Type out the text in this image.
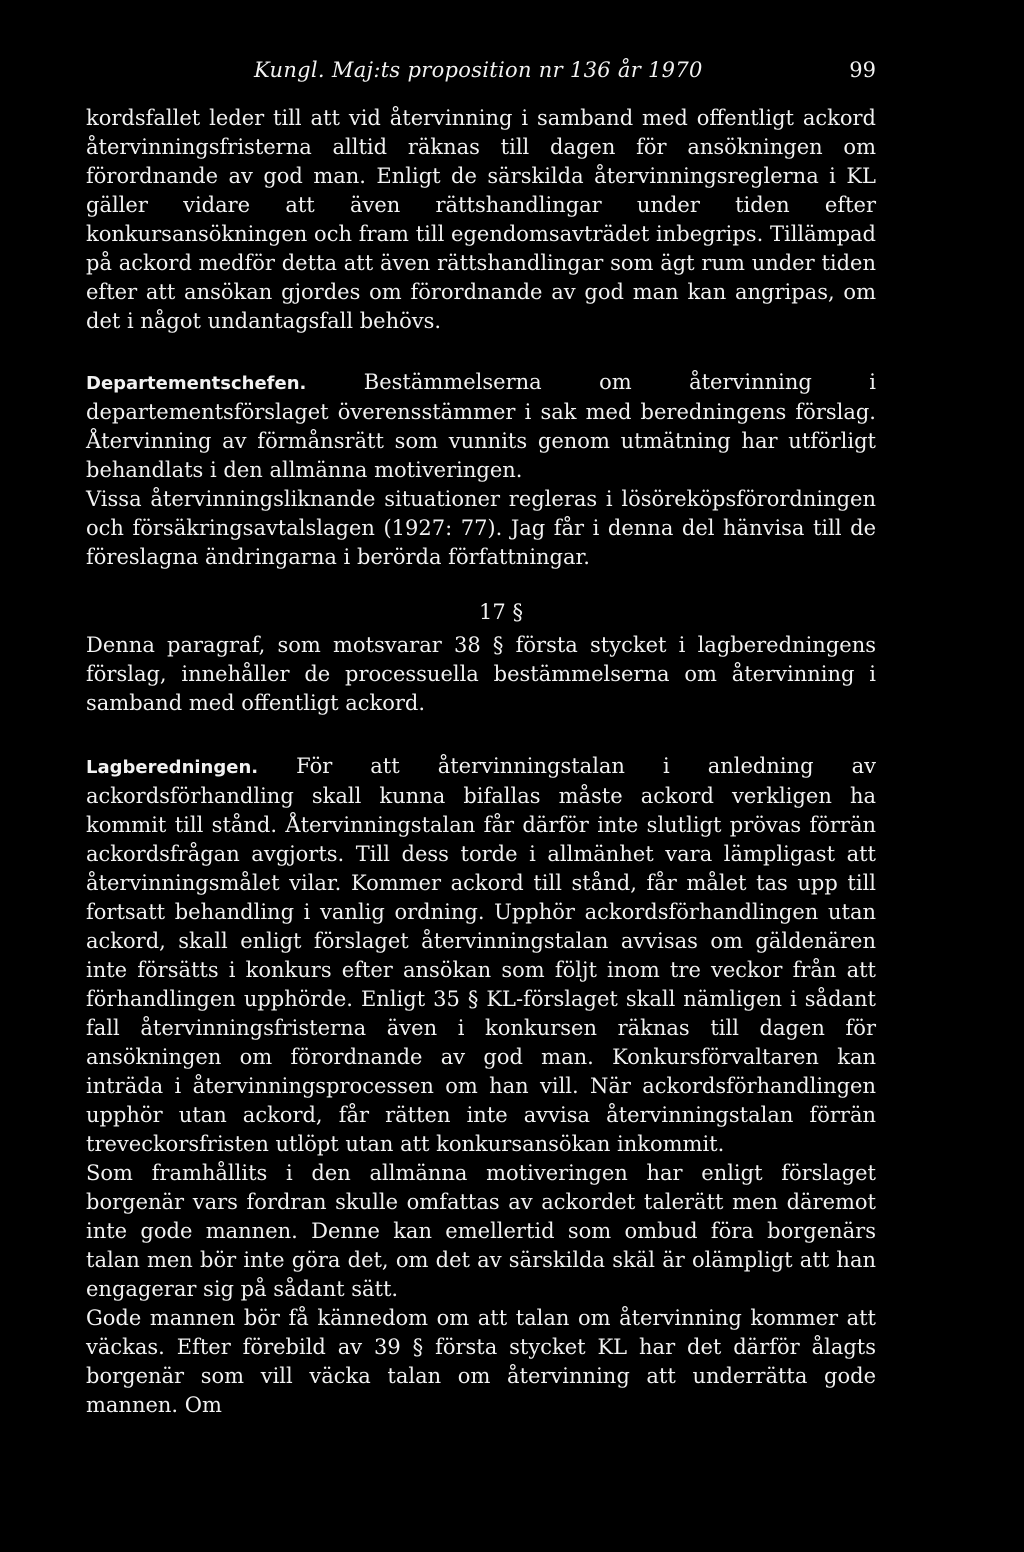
Kungl. Maj:ts proposition nr 136 år 1970	99

kordsfallet leder till att vid återvinning i samband med offentligt ackord återvinningsfristerna alltid räknas till dagen för ansökningen om förordnande av god man. Enligt de särskilda återvinningsreglerna i KL gäller vidare att även rättshandlingar under tiden efter konkursansökningen och fram till egendomsavträdet inbegrips. Tillämpad på ackord medför detta att även rättshandlingar som ägt rum under tiden efter att ansökan gjordes om förordnande av god man kan angripas, om det i något undantagsfall behövs.

Departementschefen. Bestämmelserna om återvinning i departementsförslaget överensstämmer i sak med beredningens förslag. Återvinning av förmånsrätt som vunnits genom utmätning har utförligt behandlats i den allmänna motiveringen.

Vissa återvinningsliknande situationer regleras i lösöreköpsförordningen och försäkringsavtalslagen (1927: 77). Jag får i denna del hänvisa till de föreslagna ändringarna i berörda författningar.

17 §

Denna paragraf, som motsvarar 38 § första stycket i lagberedningens förslag, innehåller de processuella bestämmelserna om återvinning i samband med offentligt ackord.

Lagberedningen. För att återvinningstalan i anledning av ackordsförhandling skall kunna bifallas måste ackord verkligen ha kommit till stånd. Återvinningstalan får därför inte slutligt prövas förrän ackordsfrågan avgjorts. Till dess torde i allmänhet vara lämpligast att återvinningsmålet vilar. Kommer ackord till stånd, får målet tas upp till fortsatt behandling i vanlig ordning. Upphör ackordsförhandlingen utan ackord, skall enligt förslaget återvinningstalan avvisas om gäldenären inte försätts i konkurs efter ansökan som följt inom tre veckor från att förhandlingen upphörde. Enligt 35 § KL-förslaget skall nämligen i sådant fall återvinningsfristerna även i konkursen räknas till dagen för ansökningen om förordnande av god man. Konkursförvaltaren kan inträda i återvinningsprocessen om han vill. När ackordsförhandlingen upphör utan ackord, får rätten inte avvisa återvinningstalan förrän treveckorsfristen utlöpt utan att konkursansökan inkommit.

Som framhållits i den allmänna motiveringen har enligt förslaget borgenär vars fordran skulle omfattas av ackordet talerätt men däremot inte gode mannen. Denne kan emellertid som ombud föra borgenärs talan men bör inte göra det, om det av särskilda skäl är olämpligt att han engagerar sig på sådant sätt.

Gode mannen bör få kännedom om att talan om återvinning kommer att väckas. Efter förebild av 39 § första stycket KL har det därför ålagts borgenär som vill väcka talan om återvinning att underrätta gode mannen. Om
